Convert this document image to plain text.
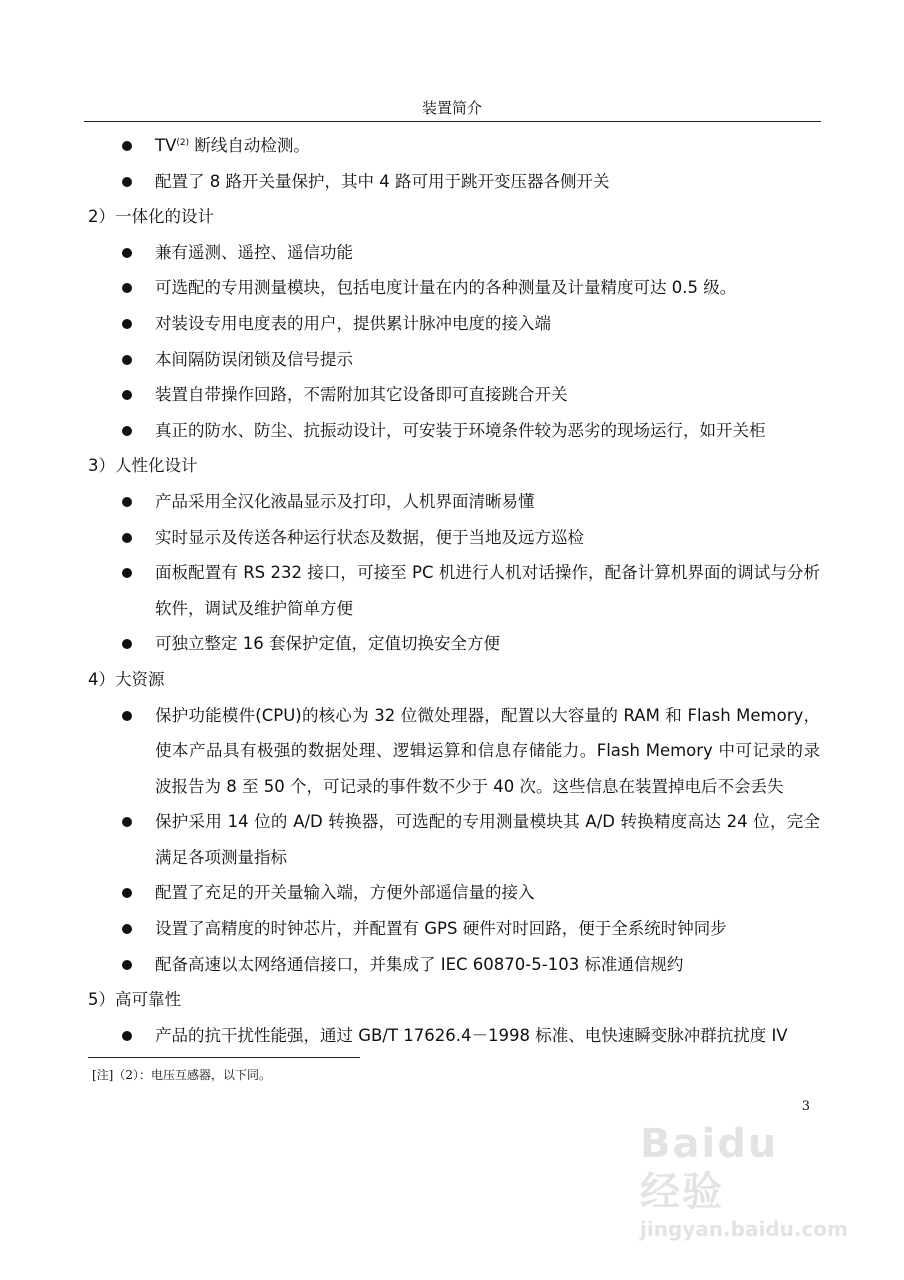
装置简介
TV$^{(2)}$ 断线自动检测。
配置了 8 路开关量保护，其中 4 路可用于跳开变压器各侧开关
2）一体化的设计
兼有遥测、遥控、遥信功能
可选配的专用测量模块，包括电度计量在内的各种测量及计量精度可达 0.5 级。
对装设专用电度表的用户，提供累计脉冲电度的接入端
本间隔防误闭锁及信号提示
装置自带操作回路，不需附加其它设备即可直接跳合开关
真正的防水、防尘、抗振动设计，可安装于环境条件较为恶劣的现场运行，如开关柜
3）人性化设计
产品采用全汉化液晶显示及打印，人机界面清晰易懂
实时显示及传送各种运行状态及数据，便于当地及远方巡检
面板配置有 RS 232 接口，可接至 PC 机进行人机对话操作，配备计算机界面的调试与分析软件，调试及维护简单方便
可独立整定 16 套保护定值，定值切换安全方便
4）大资源
保护功能模件(CPU)的核心为 32 位微处理器，配置以大容量的 RAM 和 Flash Memory，使本产品具有极强的数据处理、逻辑运算和信息存储能力。Flash Memory 中可记录的录波报告为 8 至 50 个，可记录的事件数不少于 40 次。这些信息在装置掉电后不会丢失
保护采用 14 位的 A/D 转换器，可选配的专用测量模块其 A/D 转换精度高达 24 位，完全满足各项测量指标
配置了充足的开关量输入端，方便外部遥信量的接入
设置了高精度的时钟芯片，并配置有 GPS 硬件对时回路，便于全系统时钟同步
配备高速以太网络通信接口，并集成了 IEC 60870-5-103 标准通信规约
5）高可靠性
产品的抗干扰性能强，通过 GB/T 17626.4－1998 标准、电快速瞬变脉冲群抗扰度 IV
[注]（2）：电压互感器，以下同。
3
Baidu经验
jingyan.baidu.com
